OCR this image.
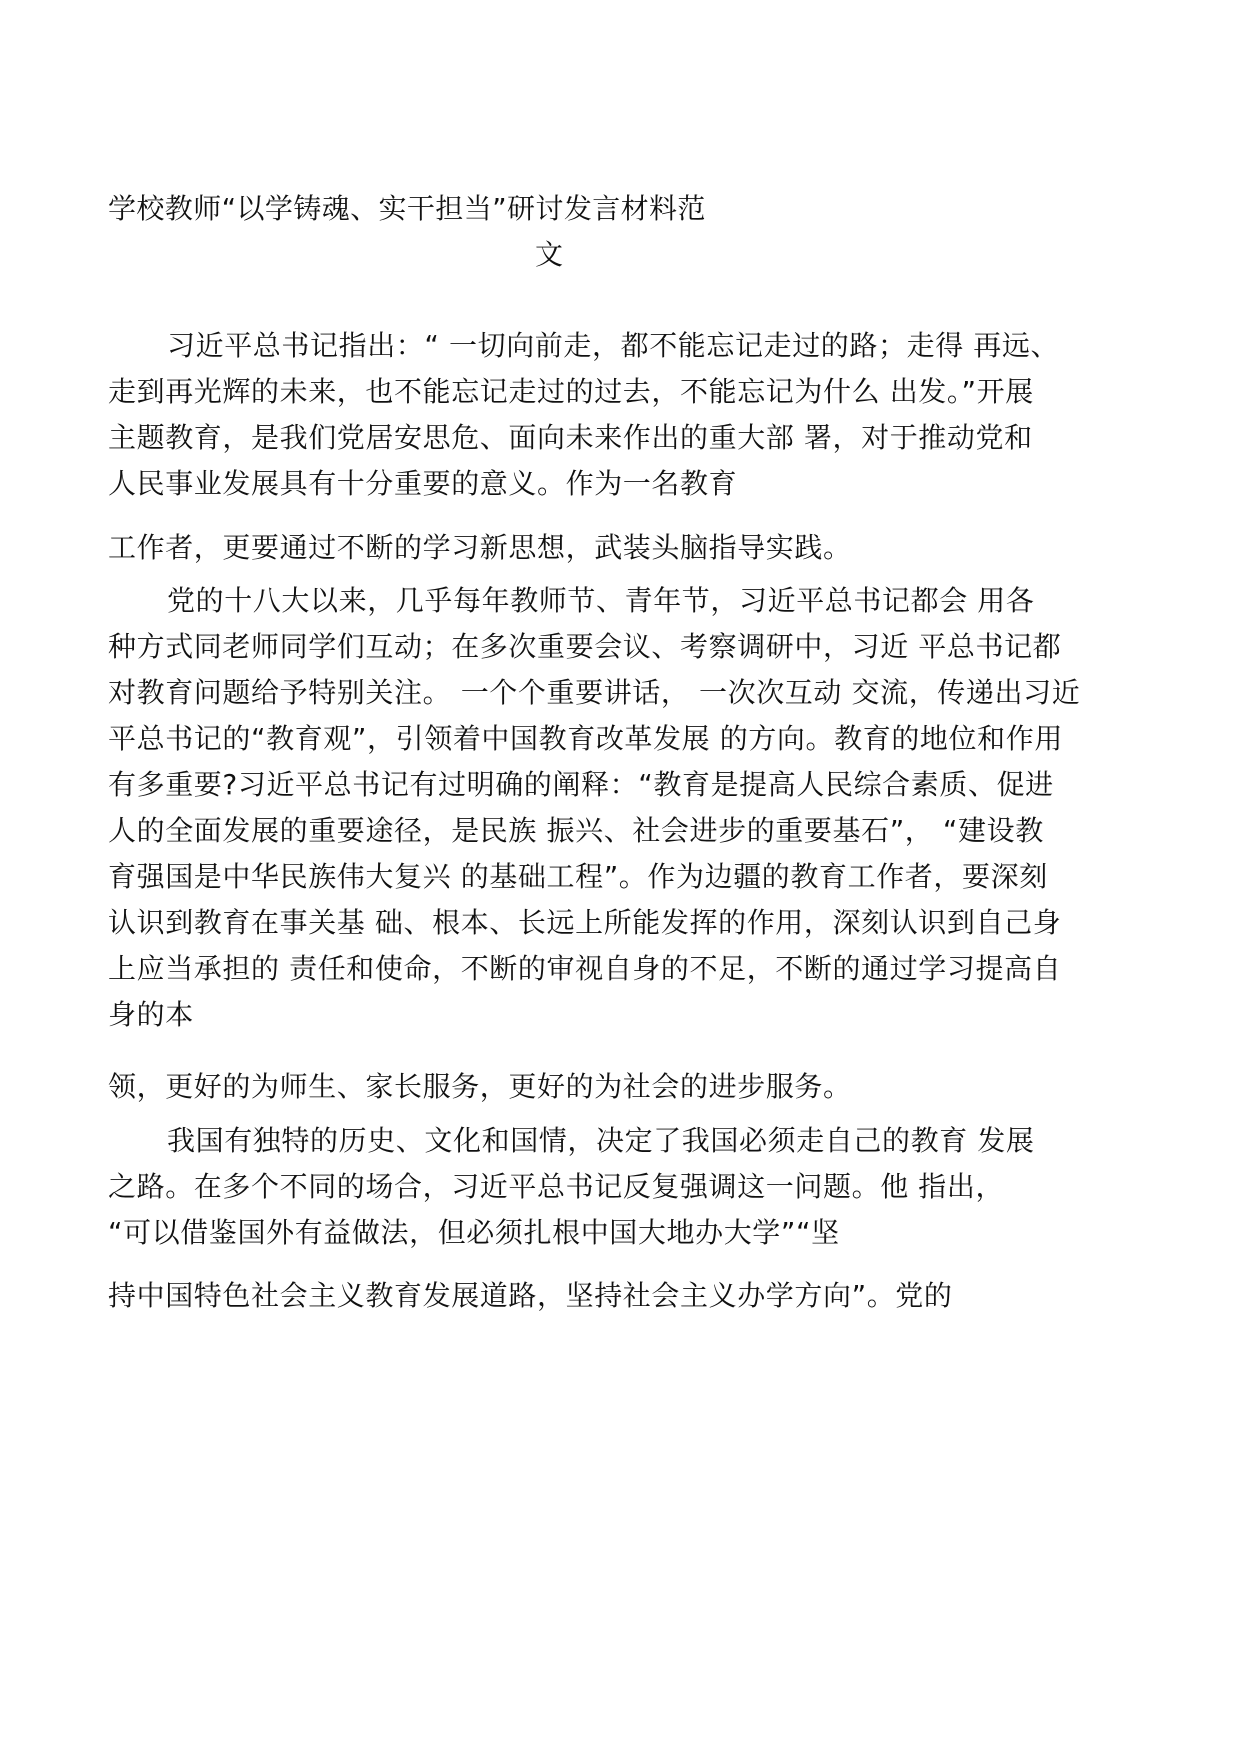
学校教师“以学铸魂、实干担当”研讨发言材料范
文
习近平总书记指出：“ 一切向前走，都不能忘记走过的路；走得 再远、
走到再光辉的未来，也不能忘记走过的过去，不能忘记为什么 出发。”开展
主题教育，是我们党居安思危、面向未来作出的重大部 署，对于推动党和
人民事业发展具有十分重要的意义。作为一名教育
工作者，更要通过不断的学习新思想，武装头脑指导实践。
党的十八大以来，几乎每年教师节、青年节，习近平总书记都会 用各
种方式同老师同学们互动；在多次重要会议、考察调研中，习近 平总书记都
对教育问题给予特别关注。 一个个重要讲话， 一次次互动 交流，传递出习近
平总书记的“教育观”，引领着中国教育改革发展 的方向。教育的地位和作用
有多重要?习近平总书记有过明确的阐释：“教育是提高人民综合素质、促进
人的全面发展的重要途径，是民族 振兴、社会进步的重要基石”， “建设教
育强国是中华民族伟大复兴 的基础工程”。作为边疆的教育工作者，要深刻
认识到教育在事关基 础、根本、长远上所能发挥的作用，深刻认识到自己身
上应当承担的 责任和使命，不断的审视自身的不足，不断的通过学习提高自
身的本
领，更好的为师生、家长服务，更好的为社会的进步服务。
我国有独特的历史、文化和国情，决定了我国必须走自己的教育 发展
之路。在多个不同的场合，习近平总书记反复强调这一问题。他 指出，
“可以借鉴国外有益做法，但必须扎根中国大地办大学”“坚
持中国特色社会主义教育发展道路，坚持社会主义办学方向”。党的
